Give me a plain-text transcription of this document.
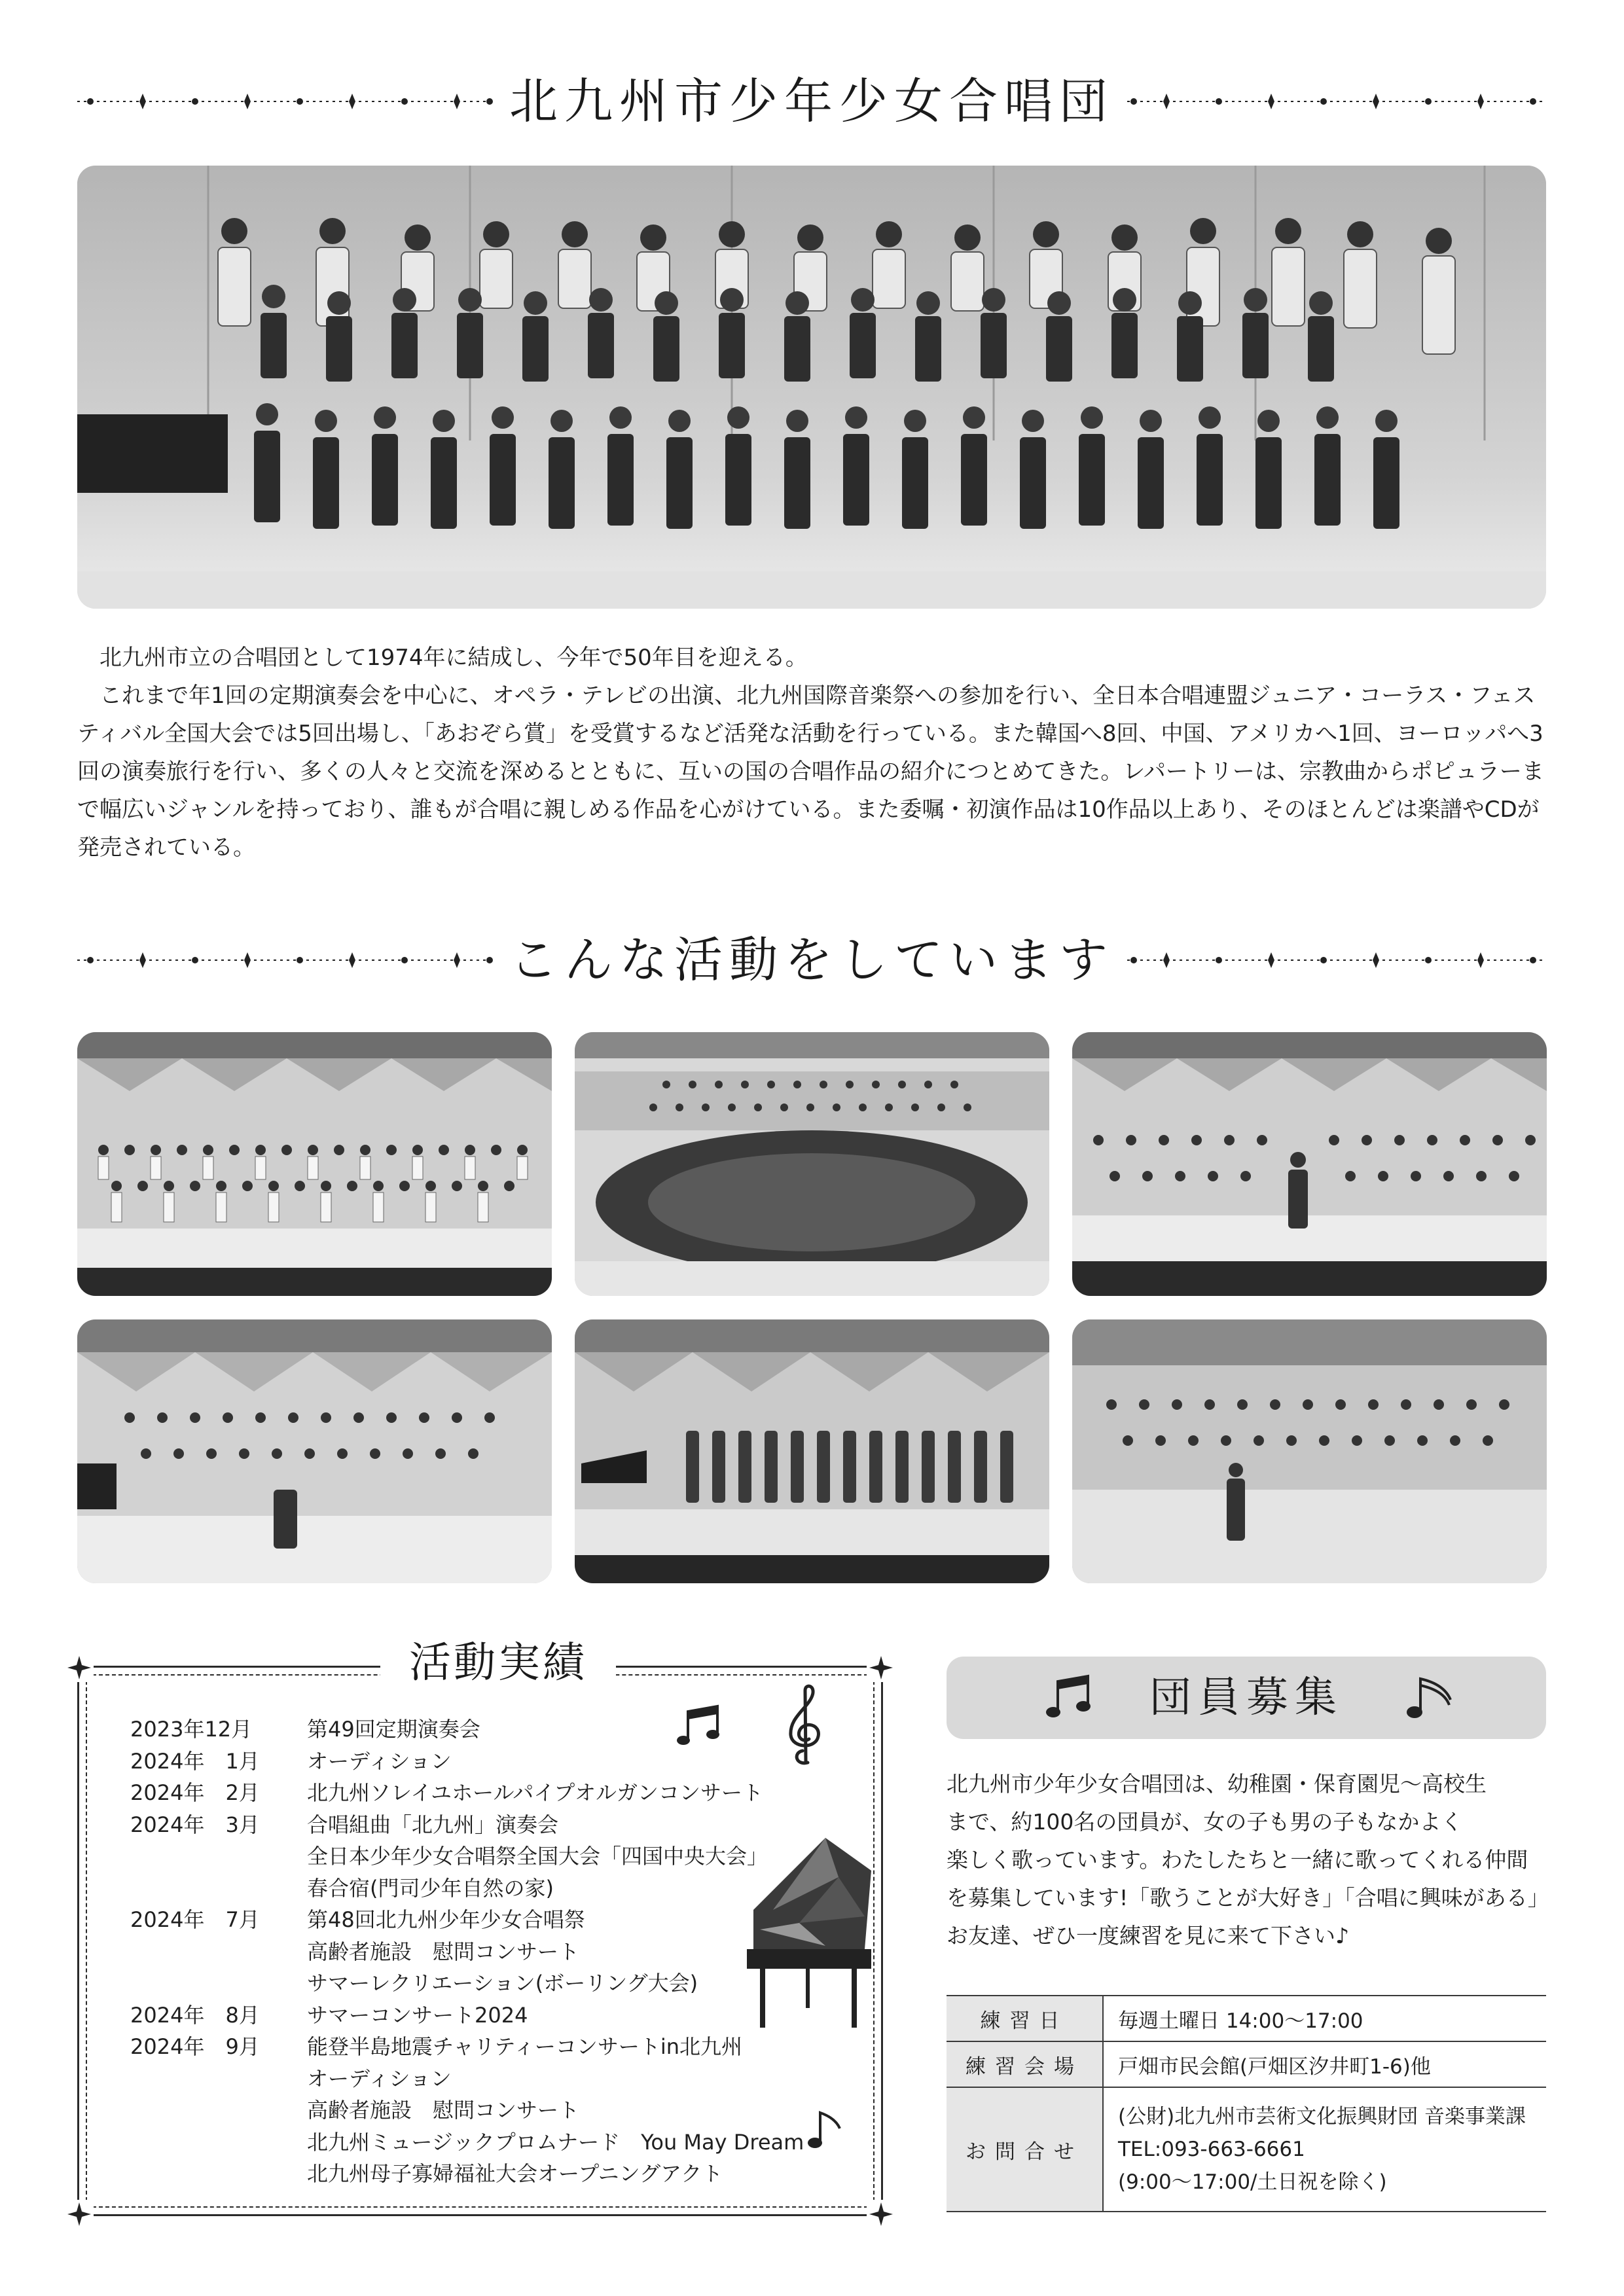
北九州市少年少女合唱団

北九州市立の合唱団として1974年に結成し、今年で50年目を迎える。

これまで年1回の定期演奏会を中心に、オペラ・テレビの出演、北九州国際音楽祭への参加を行い、全日本合唱連盟ジュニア・コーラス・フェスティバル全国大会では5回出場し、「あおぞら賞」を受賞するなど活発な活動を行っている。また韓国へ8回、中国、アメリカへ1回、ヨーロッパへ3回の演奏旅行を行い、多くの人々と交流を深めるとともに、互いの国の合唱作品の紹介につとめてきた。レパートリーは、宗教曲からポピュラーまで幅広いジャンルを持っており、誰もが合唱に親しめる作品を心がけている。また委嘱・初演作品は10作品以上あり、そのほとんどは楽譜やCDが発売されている。

こんな活動をしています
活動実績
2023年12月	第49回定期演奏会
2024年　1月	オーディション
2024年　2月	北九州ソレイユホールパイプオルガンコンサート
2024年　3月	合唱組曲「北九州」演奏会
全日本少年少女合唱祭全国大会「四国中央大会」
春合宿(門司少年自然の家)
2024年　7月	第48回北九州少年少女合唱祭
高齢者施設　慰問コンサート
サマーレクリエーション(ボーリング大会)
2024年　8月	サマーコンサート2024
2024年　9月	能登半島地震チャリティーコンサートin北九州
オーディション
高齢者施設　慰問コンサート
北九州ミュージックプロムナード　You May Dream
北九州母子寡婦福祉大会オープニングアクト
団員募集

北九州市少年少女合唱団は、幼稚園・保育園児～高校生

まで、約100名の団員が、女の子も男の子もなかよく

楽しく歌っています。わたしたちと一緒に歌ってくれる仲間

を募集しています!「歌うことが大好き」「合唱に興味がある」

お友達、ぜひ一度練習を見に来て下さい♪

練習日	毎週土曜日 14:00～17:00
練習会場	戸畑市民会館(戸畑区汐井町1-6)他
お問合せ	(公財)北九州市芸術文化振興財団 音楽事業課
TEL:093-663-6661
(9:00～17:00/土日祝を除く)
